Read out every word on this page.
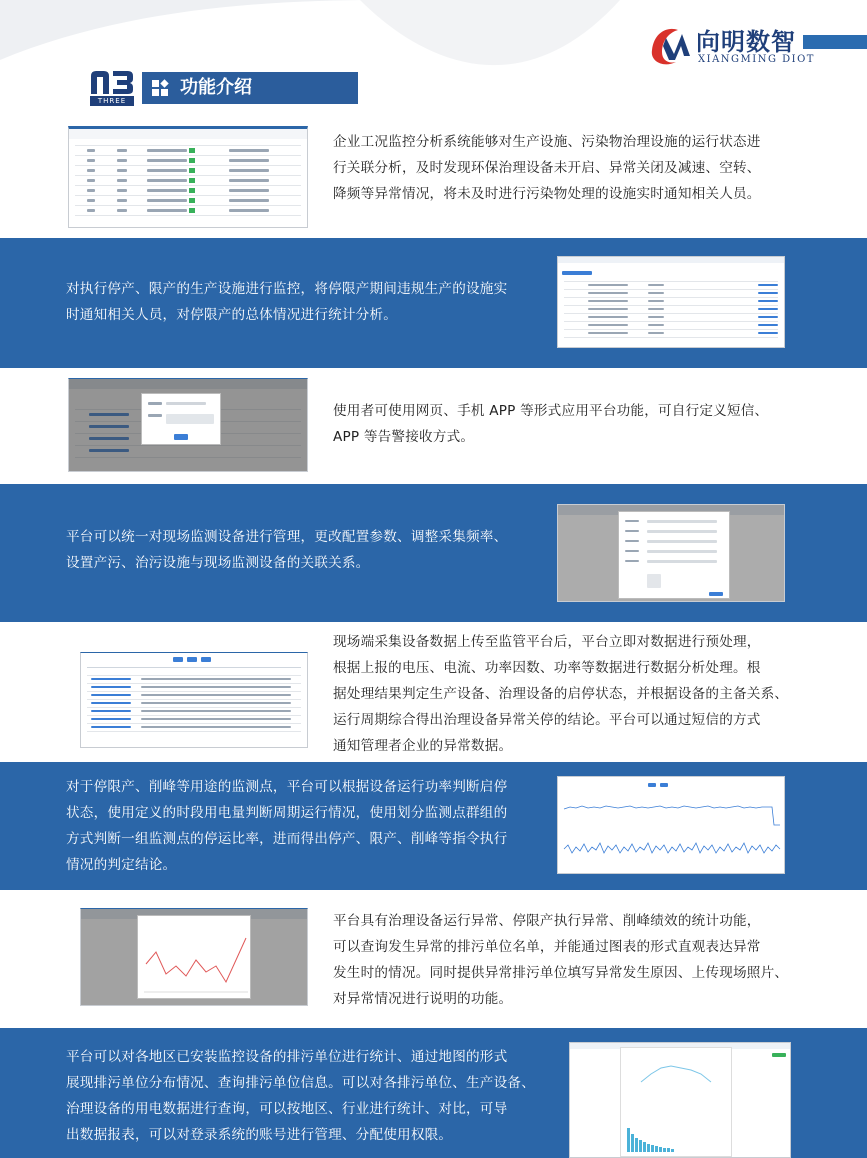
向明数智
XIANGMING DIOT
THREE
功能介绍

企业工况监控分析系统能够对生产设施、污染物治理设施的运行状态进

行关联分析，及时发现环保治理设备未开启、异常关闭及减速、空转、

降频等异常情况，将未及时进行污染物处理的设施实时通知相关人员。

对执行停产、限产的生产设施进行监控，将停限产期间违规生产的设施实

时通知相关人员，对停限产的总体情况进行统计分析。

使用者可使用网页、手机 APP 等形式应用平台功能，可自行定义短信、

APP 等告警接收方式。

平台可以统一对现场监测设备进行管理，更改配置参数、调整采集频率、

设置产污、治污设施与现场监测设备的关联关系。

现场端采集设备数据上传至监管平台后，平台立即对数据进行预处理，

根据上报的电压、电流、功率因数、功率等数据进行数据分析处理。根

据处理结果判定生产设备、治理设备的启停状态，并根据设备的主备关系、

运行周期综合得出治理设备异常关停的结论。平台可以通过短信的方式

通知管理者企业的异常数据。

对于停限产、削峰等用途的监测点，平台可以根据设备运行功率判断启停

状态，使用定义的时段用电量判断周期运行情况，使用划分监测点群组的

方式判断一组监测点的停运比率，进而得出停产、限产、削峰等指令执行

情况的判定结论。

平台具有治理设备运行异常、停限产执行异常、削峰绩效的统计功能，

可以查询发生异常的排污单位名单，并能通过图表的形式直观表达异常

发生时的情况。同时提供异常排污单位填写异常发生原因、上传现场照片、

对异常情况进行说明的功能。

平台可以对各地区已安装监控设备的排污单位进行统计、通过地图的形式

展现排污单位分布情况、查询排污单位信息。可以对各排污单位、生产设备、

治理设备的用电数据进行查询，可以按地区、行业进行统计、对比，可导

出数据报表，可以对登录系统的账号进行管理、分配使用权限。
